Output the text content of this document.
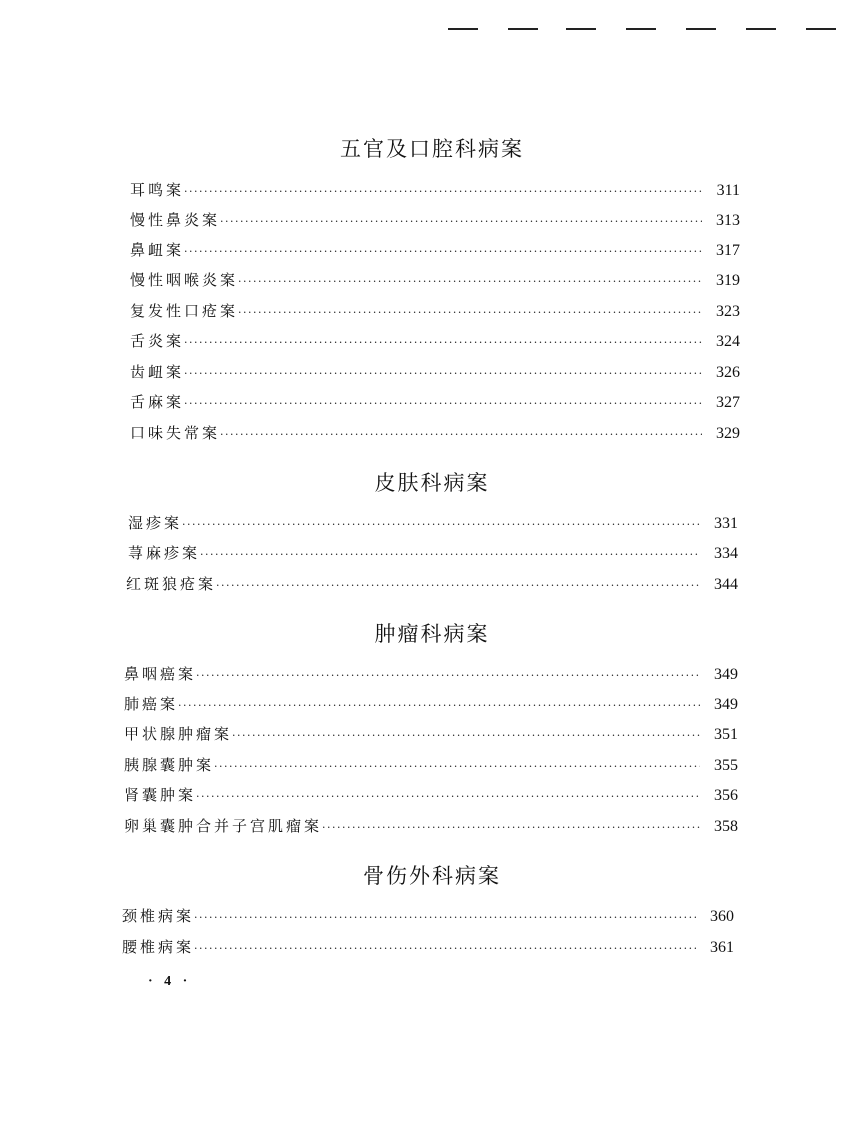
五官及口腔科病案
耳鸣案 ·····	311
慢性鼻炎案 ·····	313
鼻衄案 ·····	317
慢性咽喉炎案 ·····	319
复发性口疮案 ·····	323
舌炎案 ·····	324
齿衄案 ·····	326
舌麻案 ·····	327
口味失常案 ·····	329
皮肤科病案
湿疹案 ·····	331
荨麻疹案 ·····	334
红斑狼疮案 ·····	344
肿瘤科病案
鼻咽癌案 ·····	349
肺癌案 ·····	349
甲状腺肿瘤案 ·····	351
胰腺囊肿案 ·····	355
肾囊肿案 ·····	356
卵巢囊肿合并子宫肌瘤案 ·····	358
骨伤外科病案
颈椎病案 ·····	360
腰椎病案 ·····	361
· 4 ·
